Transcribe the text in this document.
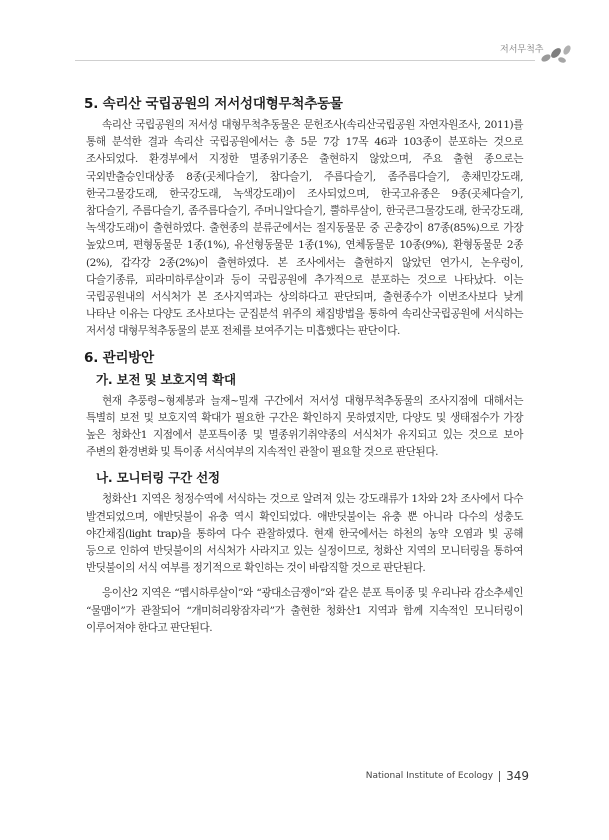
저서무척추
5. 속리산 국립공원의 저서성대형무척추동물

속리산 국립공원의 저서성 대형무척추동물은 문헌조사(속리산국립공원 자연자원조사, 2011)를 통해 분석한 결과 속리산 국립공원에서는 총 5문 7강 17목 46과 103종이 분포하는 것으로 조사되었다. 환경부에서 지정한 멸종위기종은 출현하지 않았으며, 주요 출현 종으로는 국외반출승인대상종 8종(곳체다슬기, 참다슬기, 주름다슬기, 좀주름다슬기, 총채민강도래, 한국그물강도래, 한국강도래, 녹색강도래)이 조사되었으며, 한국고유종은 9종(곳체다슬기, 참다슬기, 주름다슬기, 좀주름다슬기, 주머니알다슬기, 뿔하루살이, 한국큰그물강도래, 한국강도래, 녹색강도래)이 출현하였다. 출현종의 분류군에서는 절지동물문 중 곤충강이 87종(85%)으로 가장 높았으며, 편형동물문 1종(1%), 유선형동물문 1종(1%), 연체동물문 10종(9%), 환형동물문 2종(2%), 갑각강 2종(2%)이 출현하였다. 본 조사에서는 출현하지 않았던 연가시, 논우렁이, 다슬기종류, 피라미하루살이과 등이 국립공원에 추가적으로 분포하는 것으로 나타났다. 이는 국립공원내의 서식처가 본 조사지역과는 상의하다고 판단되며, 출현종수가 이번조사보다 낮게 나타난 이유는 다양도 조사보다는 군집분석 위주의 채집방법을 통하여 속리산국립공원에 서식하는 저서성 대형무척추동물의 분포 전체를 보여주기는 미흡했다는 판단이다.

6. 관리방안
가. 보전 및 보호지역 확대

현재 추풍령~형제봉과 늘재~밀재 구간에서 저서성 대형무척추동물의 조사지점에 대해서는 특별히 보전 및 보호지역 확대가 필요한 구간은 확인하지 못하였지만, 다양도 및 생태점수가 가장 높은 청화산1 지점에서 분포특이종 및 멸종위기취약종의 서식처가 유지되고 있는 것으로 보아 주변의 환경변화 및 특이종 서식여부의 지속적인 관찰이 필요할 것으로 판단된다.

나. 모니터링 구간 선정

청화산1 지역은 청정수역에 서식하는 것으로 알려져 있는 강도래류가 1차와 2차 조사에서 다수 발견되었으며, 애반딧불이 유충 역시 확인되었다. 애반딧불이는 유충 뿐 아니라 다수의 성충도 야간채집(light trap)을 통하여 다수 관찰하였다. 현재 한국에서는 하천의 농약 오염과 빛 공해 등으로 인하여 반딧불이의 서식처가 사라지고 있는 실정이므로, 청화산 지역의 모니터링을 통하여 반딧불이의 서식 여부를 정기적으로 확인하는 것이 바람직할 것으로 판단된다.

응이산2 지역은 “멥시하루살이”와 “광대소금쟁이”와 같은 분포 특이종 및 우리나라 감소추세인 “물맴이”가 관찰되어 “개미허리왕잠자리”가 출현한 청화산1 지역과 함께 지속적인 모니터링이 이루어져야 한다고 판단된다.

National Institute of Ecology 349
